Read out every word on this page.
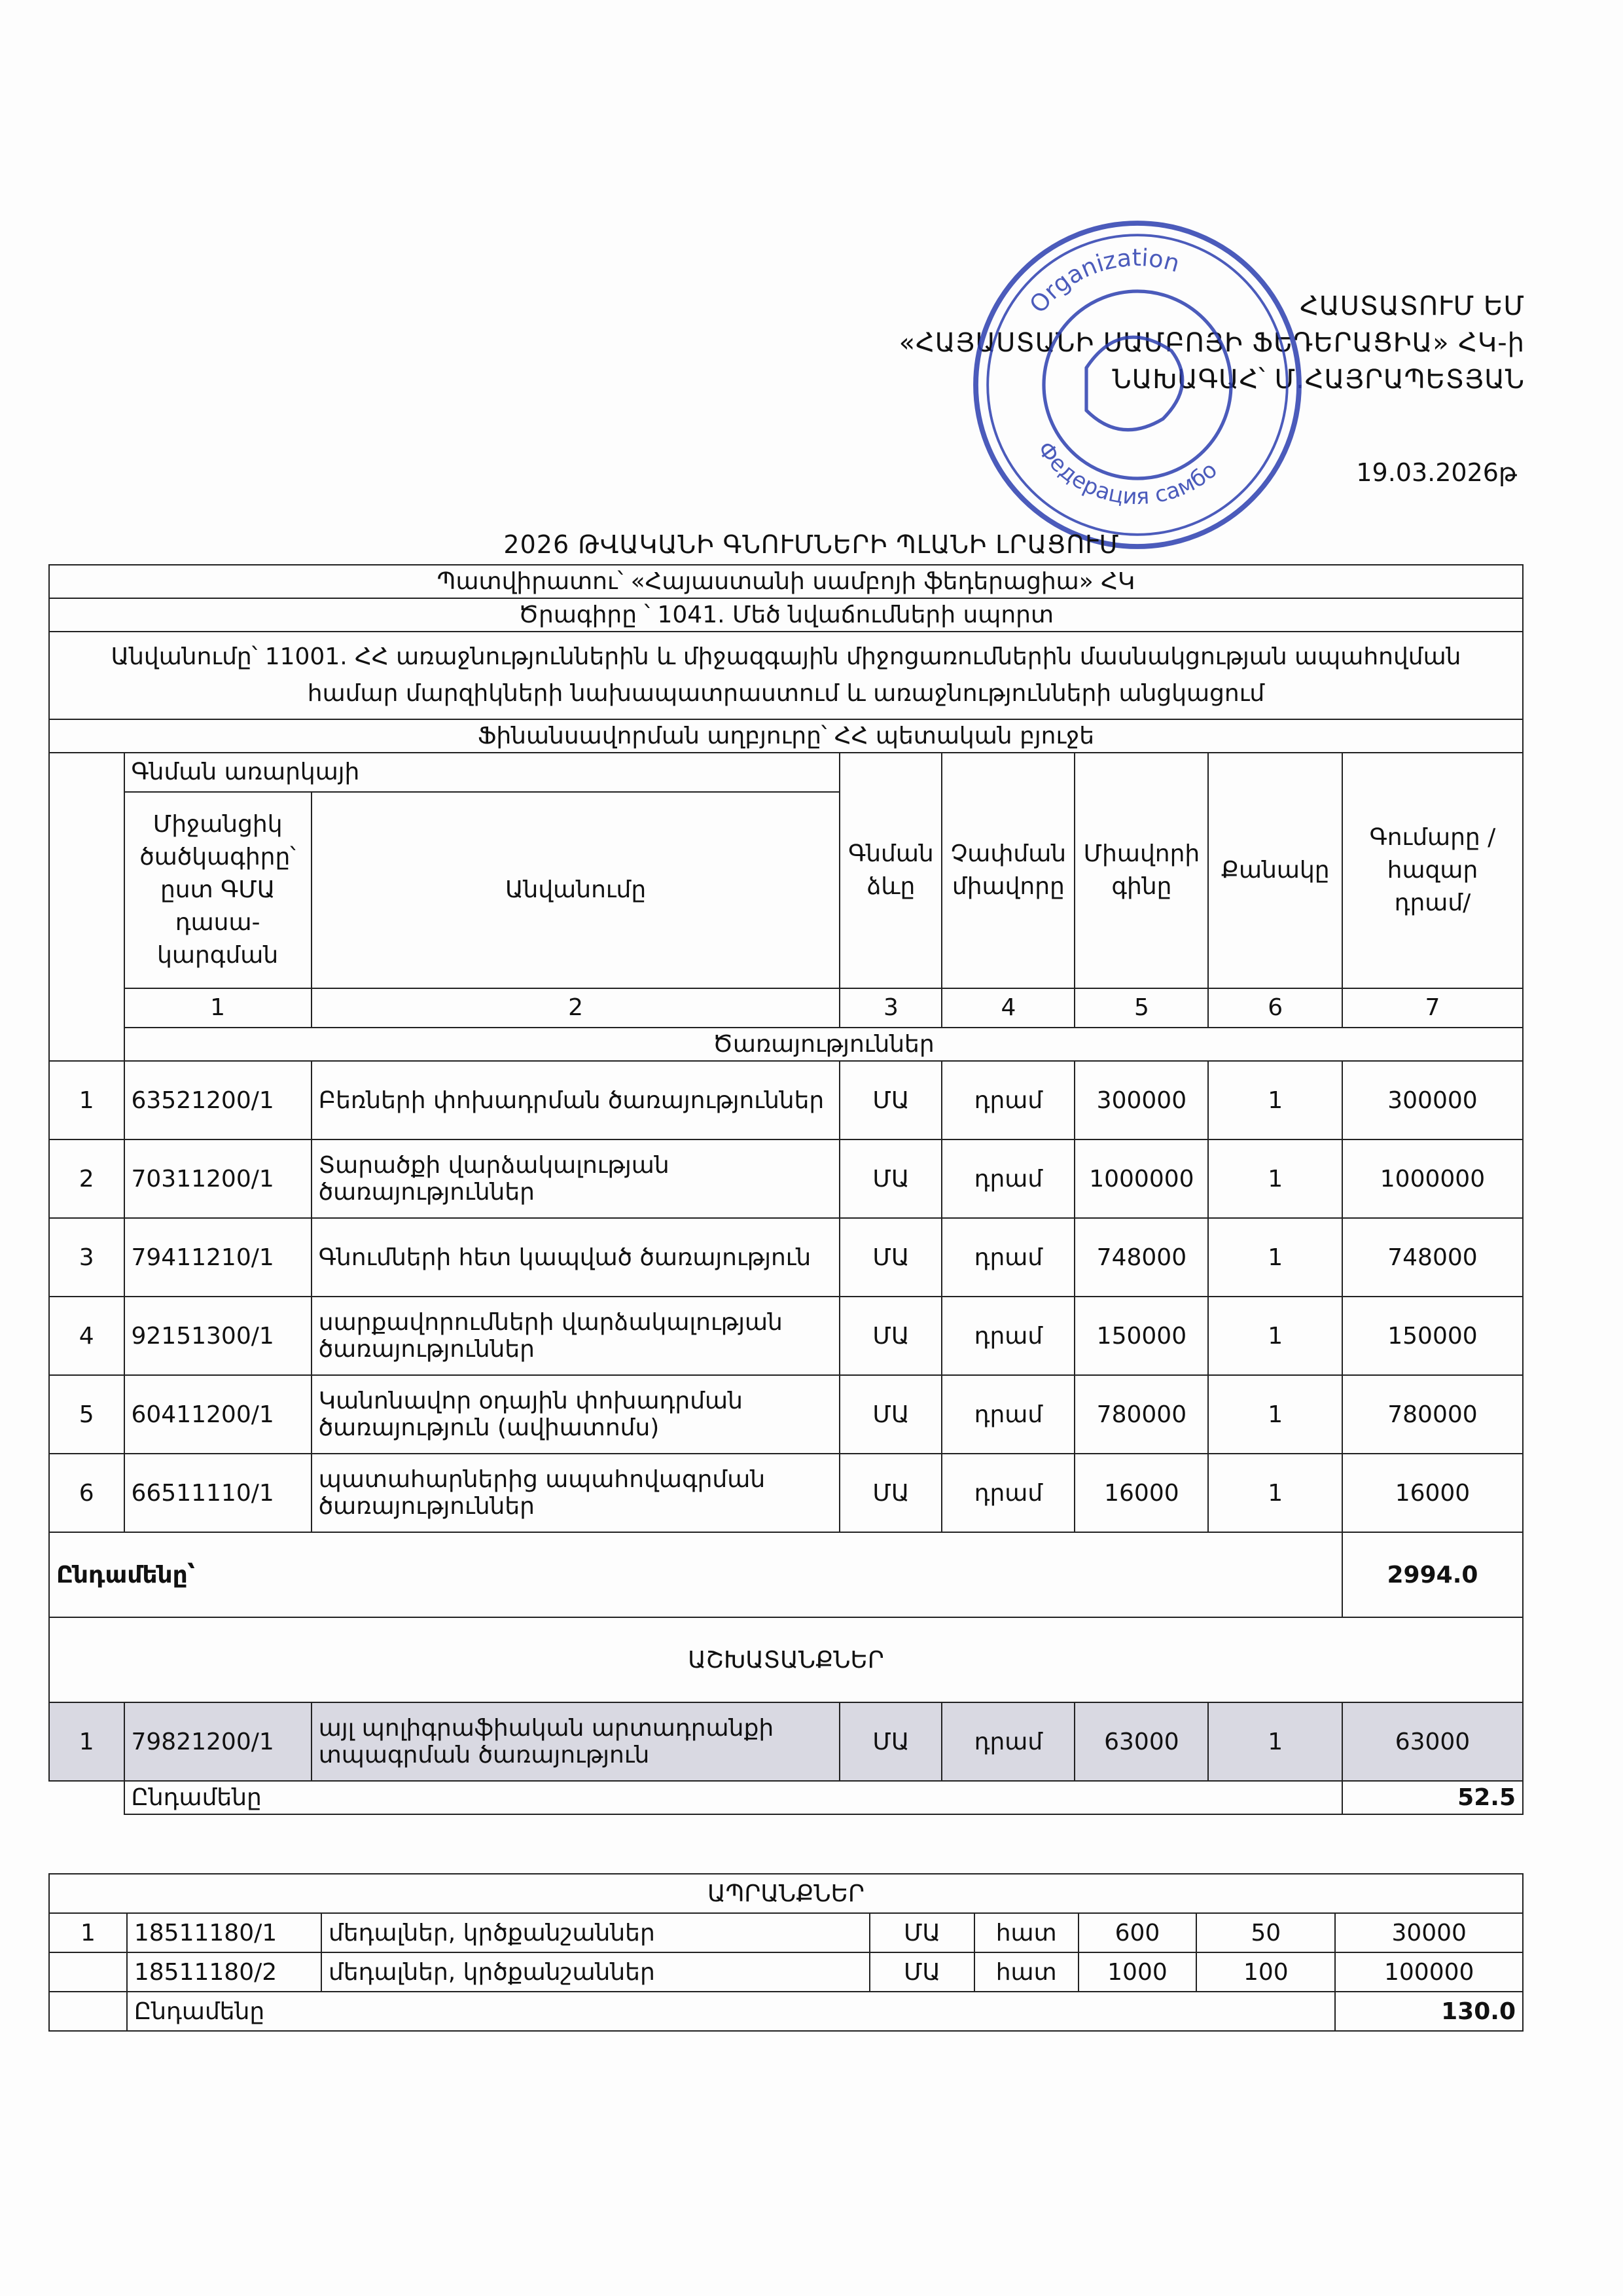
ՀԱՍՏԱՏՈՒՄ ԵՄ
«ՀԱՅԱՍՏԱՆԻ ՍԱՄԲՈՅԻ ՖԵԴԵՐԱՑԻԱ» ՀԿ-ի
ՆԱԽԱԳԱՀ՝ Մ.ՀԱՅՐԱՊԵՏՅԱՆ
Organization
Федерация самбо	19.03.2026թ
2026 ԹՎԱԿԱՆԻ ԳՆՈՒՄՆԵՐԻ ՊԼԱՆԻ ԼՐԱՑՈՒՄ
Պատվիրատու՝ «Հայաստանի սամբոյի ֆեդերացիա» ՀԿ							
Ծրագիրը ՝ 1041. Մեծ նվաճումների սպորտ							
Անվանումը՝ 11001. ՀՀ առաջնություններին և միջազգային միջոցառումներին մասնակցության ապահովման համար մարզիկների նախապատրաստում և առաջնությունների անցկացում							
Ֆինանսավորման աղբյուրը՝ ՀՀ պետական բյուջե							
	Գնման առարկայի		Գնման ձևը	Չափման միավորը	Միավորի գինը	Քանակը	Գումարը /հազար դրամ/
	Միջանցիկ ծածկագիրը՝ ըստ ԳՄԱ դասա-կարգման	Անվանումը					
	1	2	3	4	5	6	7
	Ծառայություններ						
1	63521200/1	Բեռների փոխադրման ծառայություններ	ՄԱ	դրամ	300000	1	300000
2	70311200/1	Տարածքի վարձակալության ծառայություններ	ՄԱ	դրամ	1000000	1	1000000
3	79411210/1	Գնումների հետ կապված ծառայություն	ՄԱ	դրամ	748000	1	748000
4	92151300/1	սարքավորումների վարձակալության ծառայություններ	ՄԱ	դրամ	150000	1	150000
5	60411200/1	Կանոնավոր օդային փոխադրման ծառայություն (ավիատոմս)	ՄԱ	դրամ	780000	1	780000
6	66511110/1	պատահարներից ապահովագրման ծառայություններ	ՄԱ	դրամ	16000	1	16000
Ընդամենը՝							2994.0
ԱՇԽԱՏԱՆՔՆԵՐ							
1	79821200/1	այլ պոլիգրաֆիական արտադրանքի տպագրման ծառայություն	ՄԱ	դրամ	63000	1	63000
	Ընդամենը						52.5
ԱՊՐԱՆՔՆԵՐ							
1	18511180/1	մեդալներ, կրծքանշաններ	ՄԱ	հատ	600	50	30000
	18511180/2	մեդալներ, կրծքանշաններ	ՄԱ	հատ	1000	100	100000
	Ընդամենը						130.0
